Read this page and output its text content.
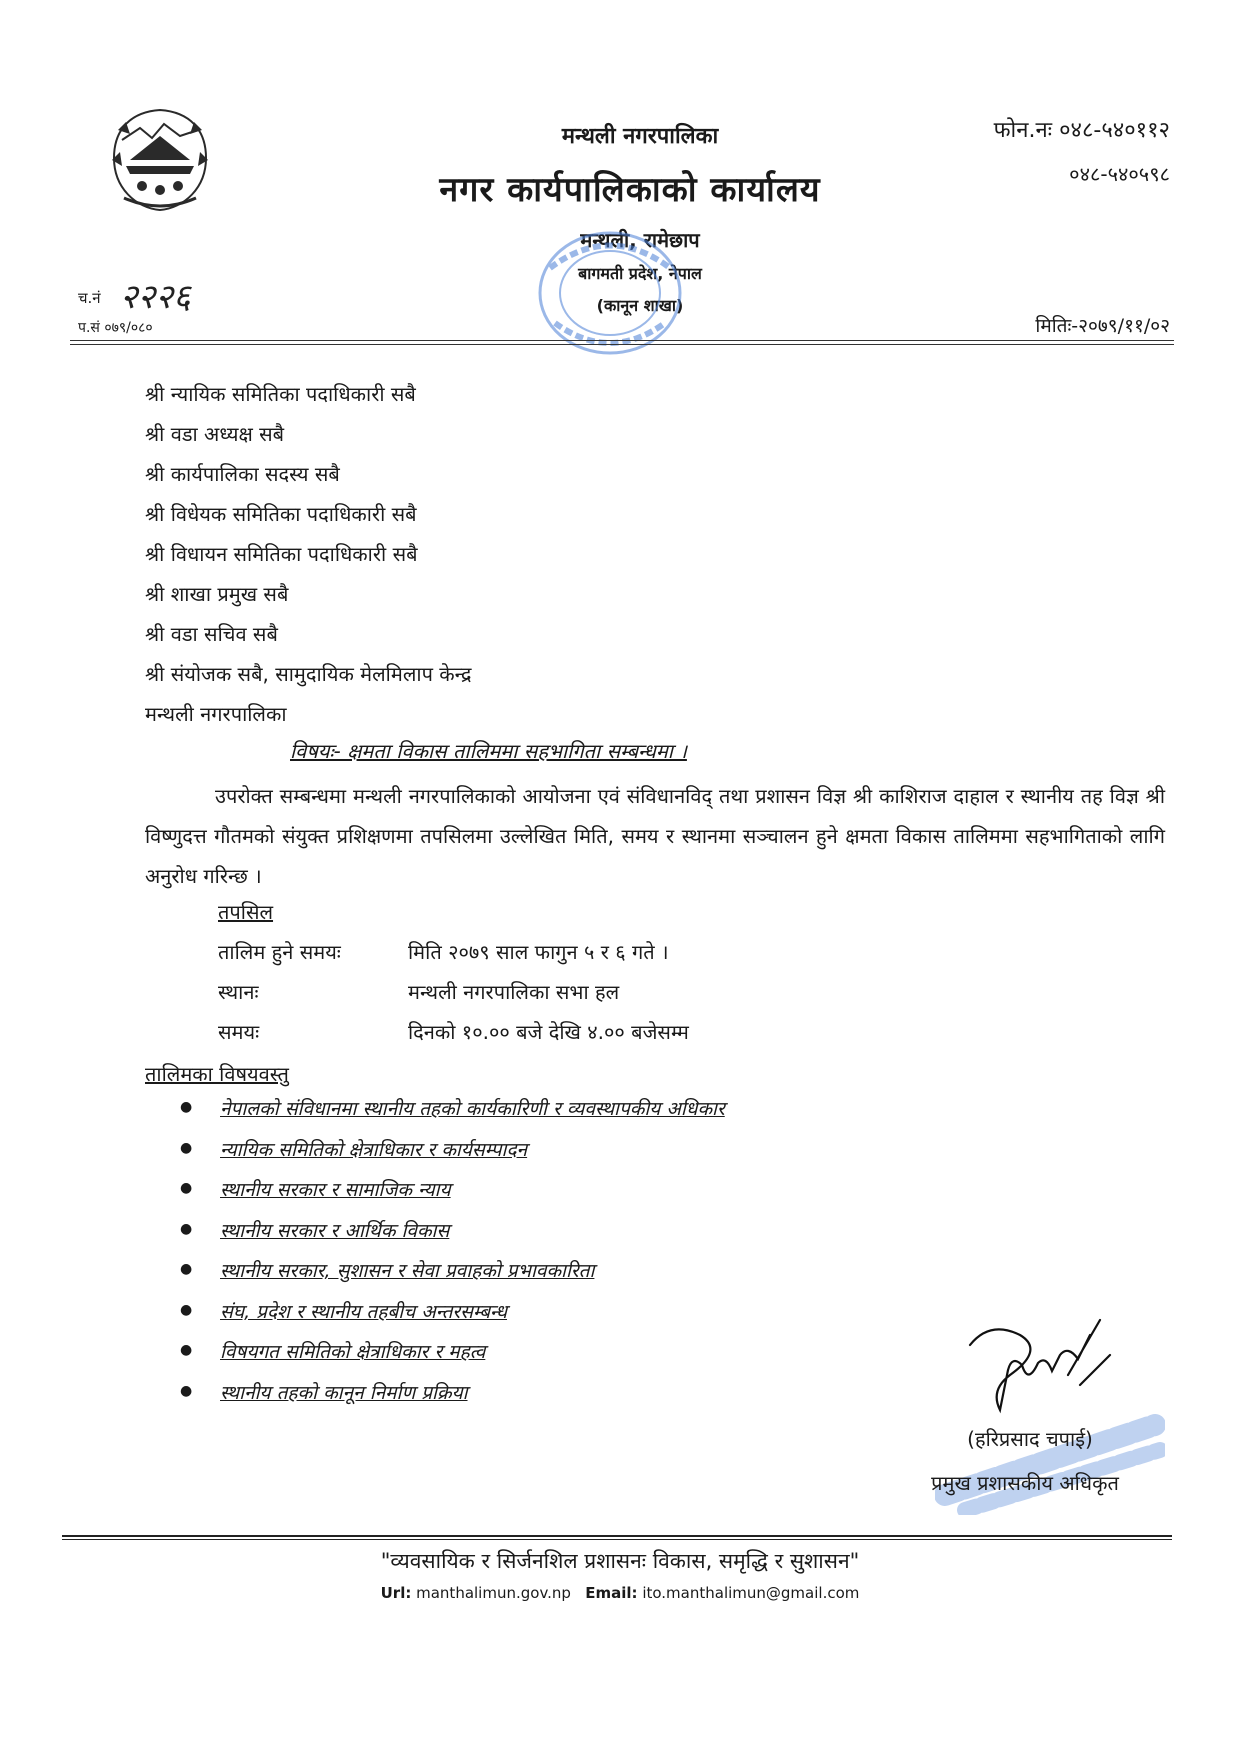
मन्थली नगरपालिका
नगर कार्यपालिकाको कार्यालय
मन्थली, रामेछाप
बागमती प्रदेश, नेपाल
(कानून शाखा)
फोन.नः ०४८-५४०११२
०४८-५४०५९८
च.नं २२२६
प.सं ०७९/०८०	मितिः-२०७९/११/०२
श्री न्यायिक समितिका पदाधिकारी सबै
श्री वडा अध्यक्ष सबै
श्री कार्यपालिका सदस्य सबै
श्री विधेयक समितिका पदाधिकारी सबै
श्री विधायन समितिका पदाधिकारी सबै
श्री शाखा प्रमुख सबै
श्री वडा सचिव सबै
श्री संयोजक सबै, सामुदायिक मेलमिलाप केन्द्र
मन्थली नगरपालिका
विषयः- क्षमता विकास तालिममा सहभागिता सम्बन्धमा ।
उपरोक्त सम्बन्धमा मन्थली नगरपालिकाको आयोजना एवं संविधानविद् तथा प्रशासन विज्ञ श्री काशिराज दाहाल र स्थानीय तह विज्ञ श्री विष्णुदत्त गौतमको संयुक्त प्रशिक्षणमा तपसिलमा उल्लेखित मिति, समय र स्थानमा सञ्चालन हुने क्षमता विकास तालिममा सहभागिताको लागि अनुरोध गरिन्छ ।
तपसिल
तालिम हुने समयः	मिति २०७९ साल फागुन ५ र ६ गते ।
स्थानः	मन्थली नगरपालिका सभा हल
समयः	दिनको १०.०० बजे देखि ४.०० बजेसम्म
तालिमका विषयवस्तु
● नेपालको संविधानमा स्थानीय तहको कार्यकारिणी र व्यवस्थापकीय अधिकार
● न्यायिक समितिको क्षेत्राधिकार र कार्यसम्पादन
● स्थानीय सरकार र सामाजिक न्याय
● स्थानीय सरकार र आर्थिक विकास
● स्थानीय सरकार, सुशासन र सेवा प्रवाहको प्रभावकारिता
● संघ, प्रदेश र स्थानीय तहबीच अन्तरसम्बन्ध
● विषयगत समितिको क्षेत्राधिकार र महत्व
● स्थानीय तहको कानून निर्माण प्रक्रिया
(हरिप्रसाद चपाई)
प्रमुख प्रशासकीय अधिकृत
"व्यवसायिक र सिर्जनशिल प्रशासनः विकास, समृद्धि र सुशासन"
Url: manthalimun.gov.np Email: ito.manthalimun@gmail.com
